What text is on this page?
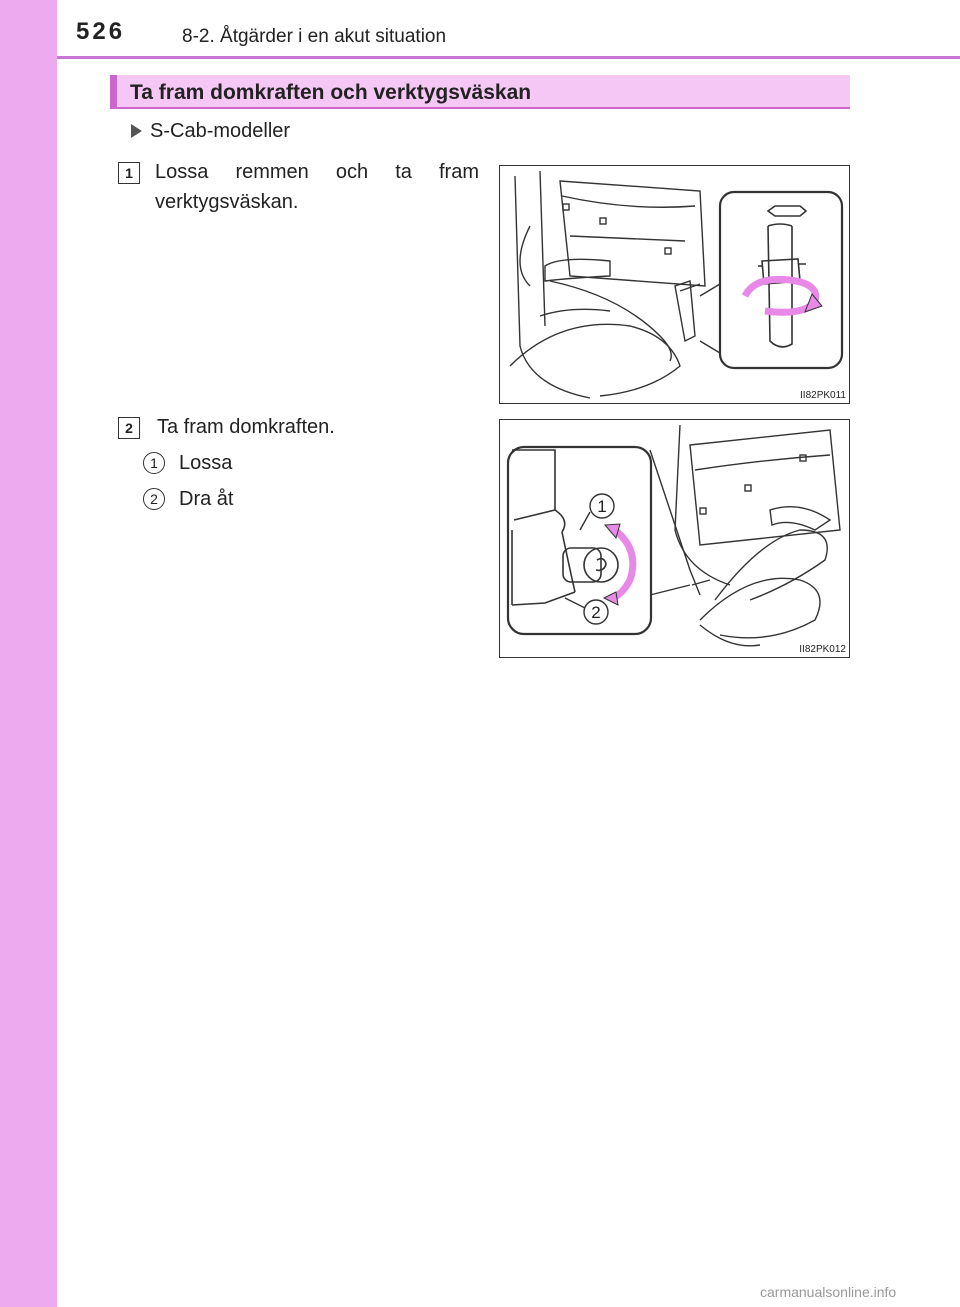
526	8-2. Åtgärder i en akut situation
Ta fram domkraften och verktygsväskan
S-Cab-modeller
1	Lossa remmen och ta fram verktygsväskan.
II82PK011
2	Ta fram domkraften.
1	Lossa
2	Dra åt	1
2
II82PK012
carmanualsonline.info
